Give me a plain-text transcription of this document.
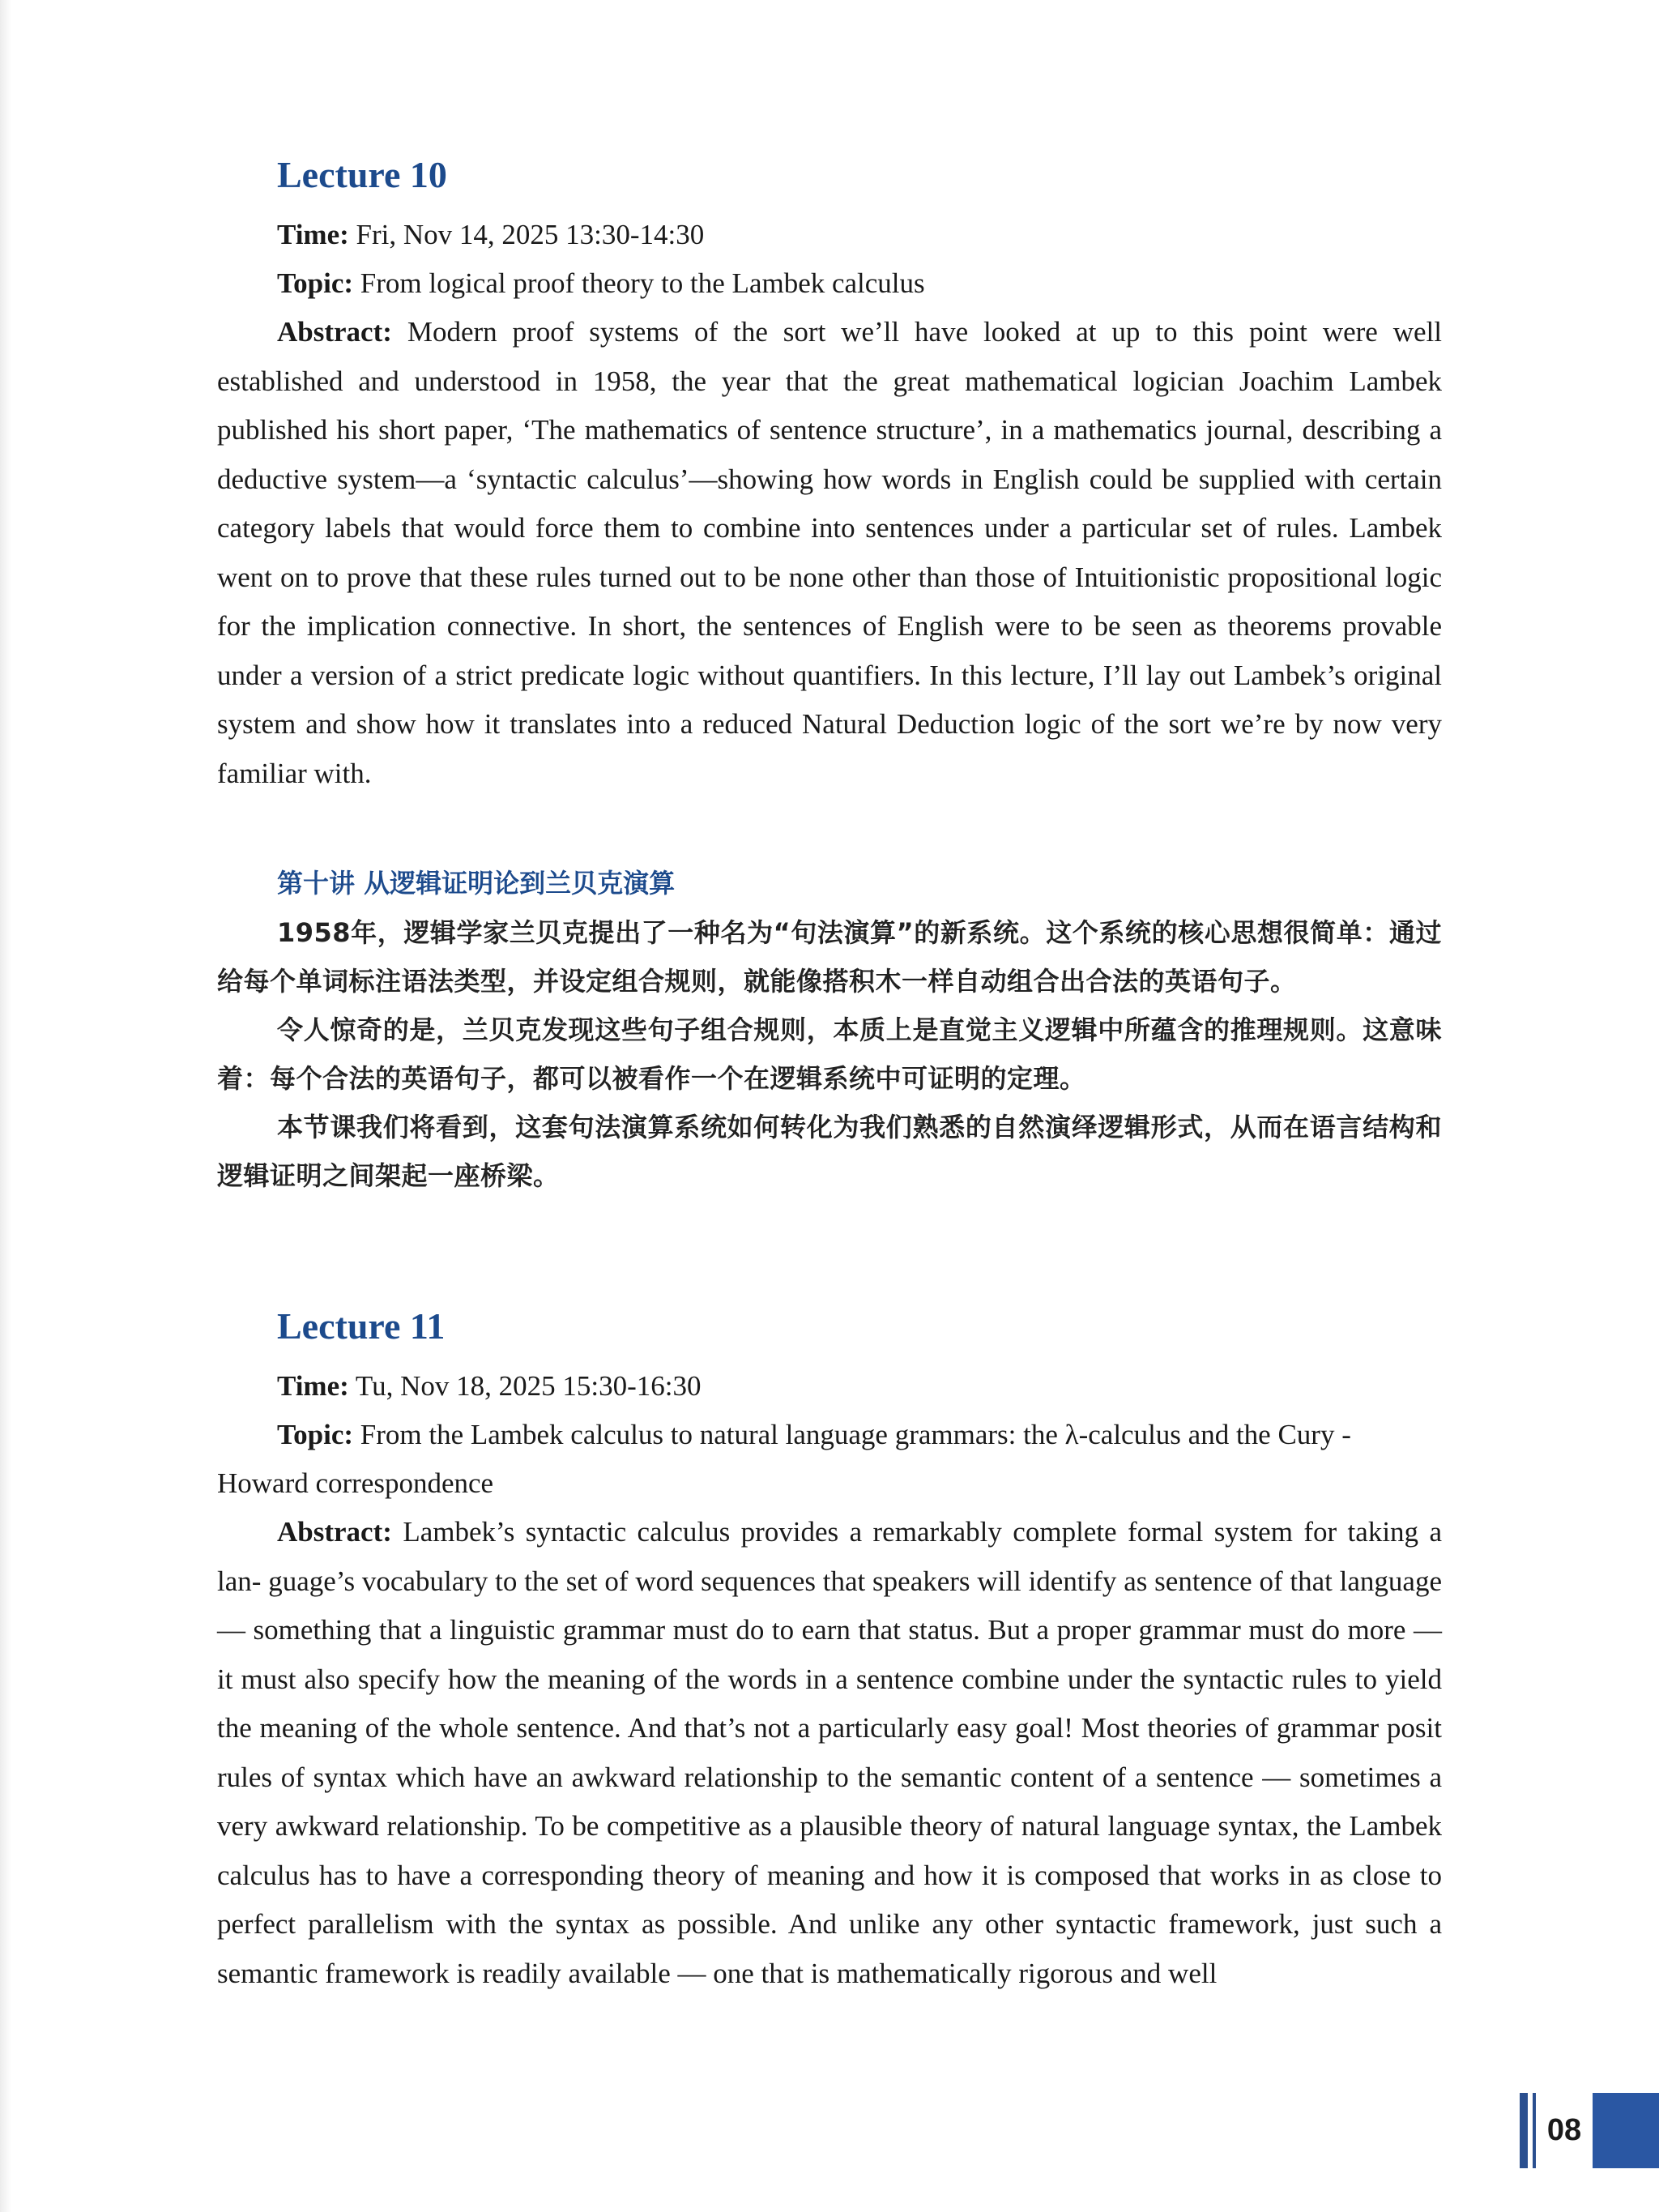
Lecture 10

Time: Fri, Nov 14, 2025 13:30-14:30

Topic: From logical proof theory to the Lambek calculus

Abstract: Modern proof systems of the sort we’ll have looked at up to this point were well established and understood in 1958, the year that the great mathematical logician Joachim Lambek published his short paper, ‘The mathematics of sentence structure’, in a mathematics journal, describing a deductive system—a ‘syntactic calculus’—showing how words in English could be supplied with certain category labels that would force them to combine into sentences under a particular set of rules. Lambek went on to prove that these rules turned out to be none other than those of Intuitionistic propositional logic for the implication connective. In short, the sentences of English were to be seen as theorems provable under a version of a strict predicate logic without quantifiers. In this lecture, I’ll lay out Lambek’s original system and show how it translates into a reduced Natural Deduction logic of the sort we’re by now very familiar with.

第十讲 从逻辑证明论到兰贝克演算

1958年，逻辑学家兰贝克提出了一种名为“句法演算”的新系统。这个系统的核心思想很简单：通过给每个单词标注语法类型，并设定组合规则，就能像搭积木一样自动组合出合法的英语句子。

令人惊奇的是，兰贝克发现这些句子组合规则，本质上是直觉主义逻辑中所蕴含的推理规则。这意味着：每个合法的英语句子，都可以被看作一个在逻辑系统中可证明的定理。

本节课我们将看到，这套句法演算系统如何转化为我们熟悉的自然演绎逻辑形式，从而在语言结构和逻辑证明之间架起一座桥梁。

Lecture 11

Time: Tu, Nov 18, 2025 15:30-16:30

Topic: From the Lambek calculus to natural language grammars: the λ-calculus and the Cury -Howard correspondence

Abstract: Lambek’s syntactic calculus provides a remarkably complete formal system for taking a lan- guage’s vocabulary to the set of word sequences that speakers will identify as sentence of that language — something that a linguistic grammar must do to earn that status. But a proper grammar must do more — it must also specify how the meaning of the words in a sentence combine under the syntactic rules to yield the meaning of the whole sentence. And that’s not a particularly easy goal! Most theories of grammar posit rules of syntax which have an awkward relationship to the semantic content of a sentence — sometimes a very awkward relationship. To be competitive as a plausible theory of natural language syntax, the Lambek calculus has to have a corresponding theory of meaning and how it is composed that works in as close to perfect parallelism with the syntax as possible. And unlike any other syntactic framework, just such a semantic framework is readily available — one that is mathematically rigorous and well

08
